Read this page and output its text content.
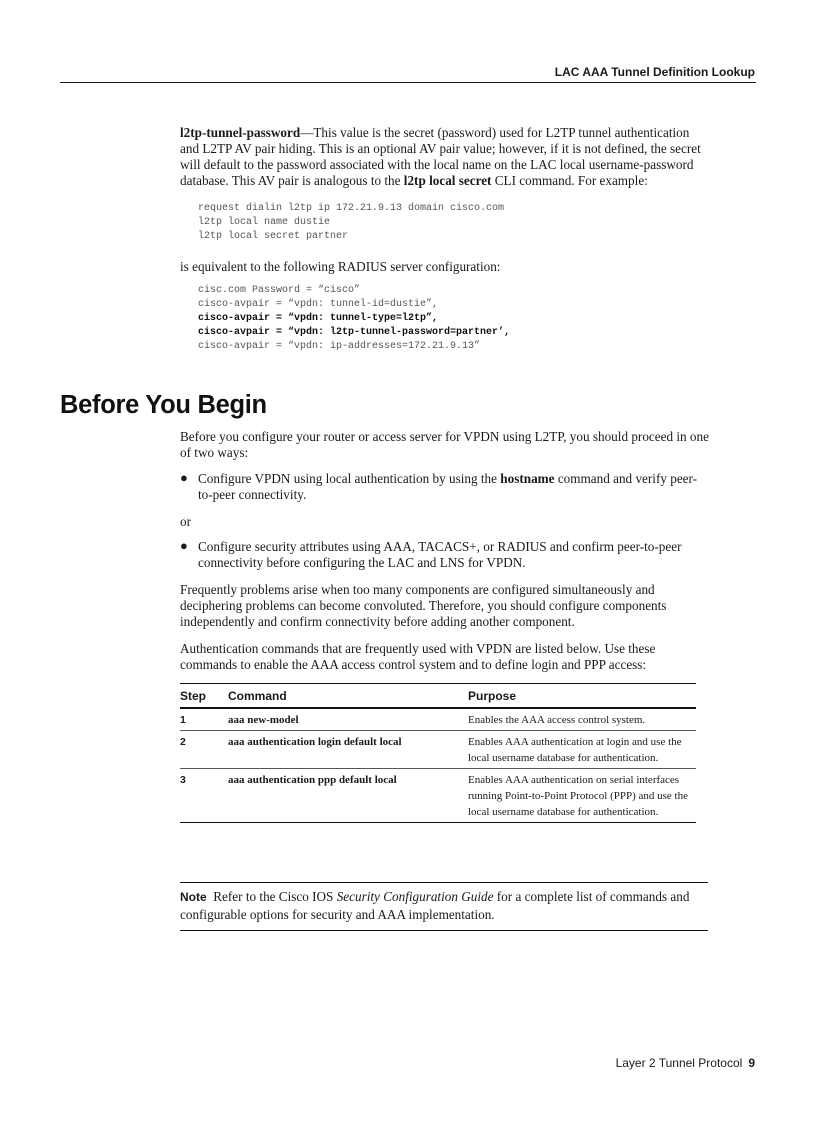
LAC AAA Tunnel Definition Lookup

l2tp-tunnel-password—This value is the secret (password) used for L2TP tunnel authentication and L2TP AV pair hiding. This is an optional AV pair value; however, if it is not defined, the secret will default to the password associated with the local name on the LAC local username-password database. This AV pair is analogous to the l2tp local secret CLI command. For example:

request dialin l2tp ip 172.21.9.13 domain cisco.com
l2tp local name dustie
l2tp local secret partner

is equivalent to the following RADIUS server configuration:

cisc.com Password = “cisco”
cisco-avpair = “vpdn: tunnel-id=dustie”,
cisco-avpair = “vpdn: tunnel-type=l2tp”,
cisco-avpair = “vpdn: l2tp-tunnel-password=partner’,
cisco-avpair = “vpdn: ip-addresses=172.21.9.13”
Before You Begin

Before you configure your router or access server for VPDN using L2TP, you should proceed in one of two ways:

● Configure VPDN using local authentication by using the hostname command and verify peer-to-peer connectivity.

or

● Configure security attributes using AAA, TACACS+, or RADIUS and confirm peer-to-peer connectivity before configuring the LAC and LNS for VPDN.

Frequently problems arise when too many components are configured simultaneously and deciphering problems can become convoluted. Therefore, you should configure components independently and confirm connectivity before adding another component.

Authentication commands that are frequently used with VPDN are listed below. Use these commands to enable the AAA access control system and to define login and PPP access:

Step	Command	Purpose
1	aaa new-model	Enables the AAA access control system.
2	aaa authentication login default local	Enables AAA authentication at login and use the local username database for authentication.
3	aaa authentication ppp default local	Enables AAA authentication on serial interfaces running Point-to-Point Protocol (PPP) and use the local username database for authentication.
Note Refer to the Cisco IOS Security Configuration Guide for a complete list of commands and configurable options for security and AAA implementation.
Layer 2 Tunnel Protocol 9
